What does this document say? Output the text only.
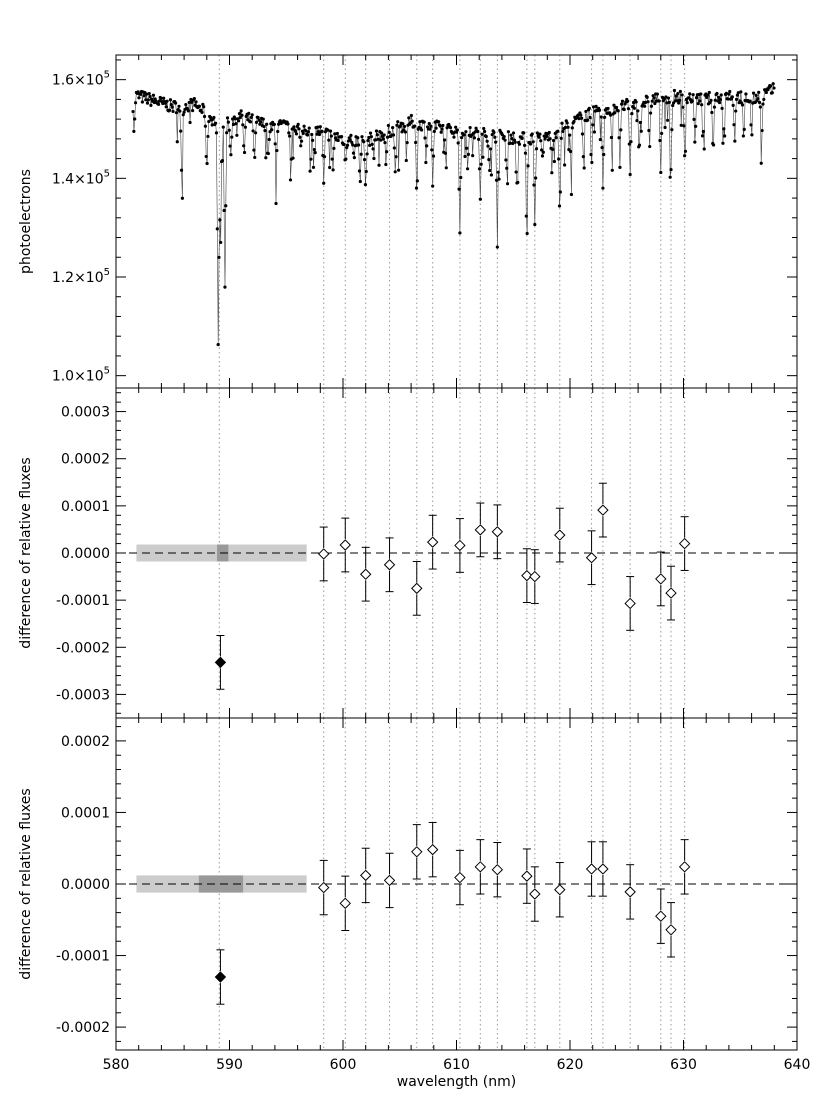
$1.0\times 10^5$
$1.2\times 10^5$
$1.4\times 10^5$
$1.6\times 10^5$
photoelectrons
-0.0003
-0.0002
-0.0001
0.0000
0.0001
0.0002
0.0003
difference of relative fluxes
-0.0002
-0.0001
0.0000
0.0001
0.0002
580	590	600	610	620	630	640
difference of relative fluxes
wavelength (nm)
